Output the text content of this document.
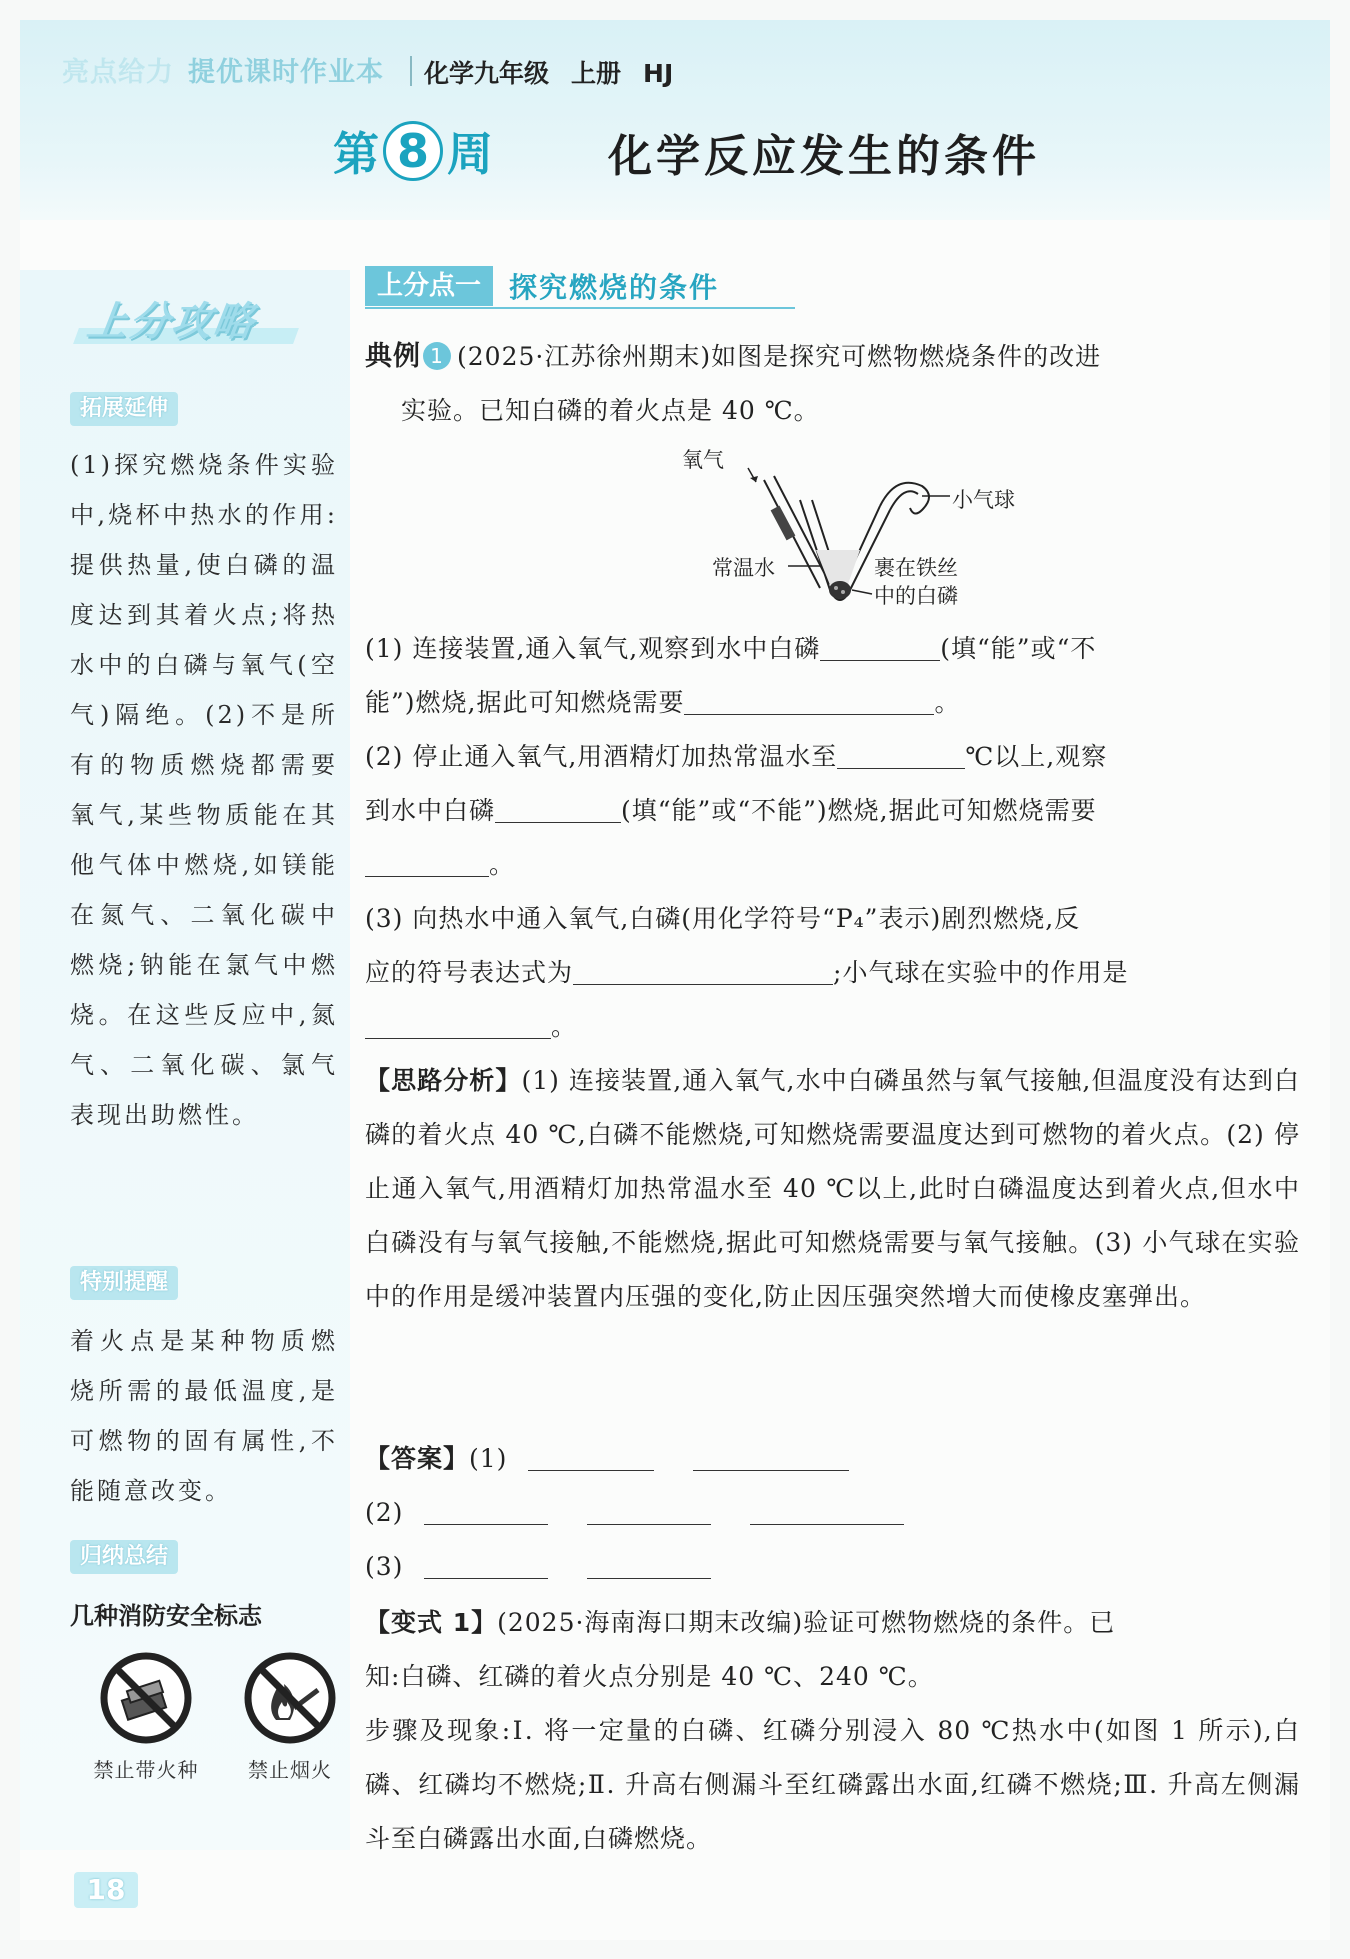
亮点给力 提优课时作业本 化学九年级 上册 HJ
第 8 周	化学反应发生的条件
上分攻略
拓展延伸
(1)探究燃烧条件实验中,烧杯中热水的作用:提供热量,使白磷的温度达到其着火点;将热水中的白磷与氧气(空气)隔绝。(2)不是所有的物质燃烧都需要氧气,某些物质能在其他气体中燃烧,如镁能在氮气、二氧化碳中燃烧;钠能在氯气中燃烧。在这些反应中,氮气、二氧化碳、氯气表现出助燃性。
特别提醒
着火点是某种物质燃烧所需的最低温度,是可燃物的固有属性,不能随意改变。
归纳总结
几种消防安全标志
禁止带火种	禁止烟火
18
上分点一	探究燃烧的条件
典例 1 (2025·江苏徐州期末)如图是探究可燃物燃烧条件的改进
实验。已知白磷的着火点是 40 ℃。
氧气
小气球
常温水	裹在铁丝
中的白磷
(1) 连接装置,通入氧气,观察到水中白磷	(填“能”或“不
能”)燃烧,据此可知燃烧需要	。
(2) 停止通入氧气,用酒精灯加热常温水至	℃以上,观察
到水中白磷	(填“能”或“不能”)燃烧,据此可知燃烧需要
。
(3) 向热水中通入氧气,白磷(用化学符号“P₄”表示)剧烈燃烧,反
应的符号表达式为	;小气球在实验中的作用是
。
【思路分析】(1) 连接装置,通入氧气,水中白磷虽然与氧气接触,但温度没有达到白磷的着火点 40 ℃,白磷不能燃烧,可知燃烧需要温度达到可燃物的着火点。(2) 停止通入氧气,用酒精灯加热常温水至 40 ℃以上,此时白磷温度达到着火点,但水中白磷没有与氧气接触,不能燃烧,据此可知燃烧需要与氧气接触。(3) 小气球在实验中的作用是缓冲装置内压强的变化,防止因压强突然增大而使橡皮塞弹出。
【答案】(1)
(2)
(3)
【变式 1】(2025·海南海口期末改编)验证可燃物燃烧的条件。已
知:白磷、红磷的着火点分别是 40 ℃、240 ℃。
步骤及现象:Ⅰ. 将一定量的白磷、红磷分别浸入 80 ℃热水中(如图 1 所示),白磷、红磷均不燃烧;Ⅱ. 升高右侧漏斗至红磷露出水面,红磷不燃烧;Ⅲ. 升高左侧漏斗至白磷露出水面,白磷燃烧。
